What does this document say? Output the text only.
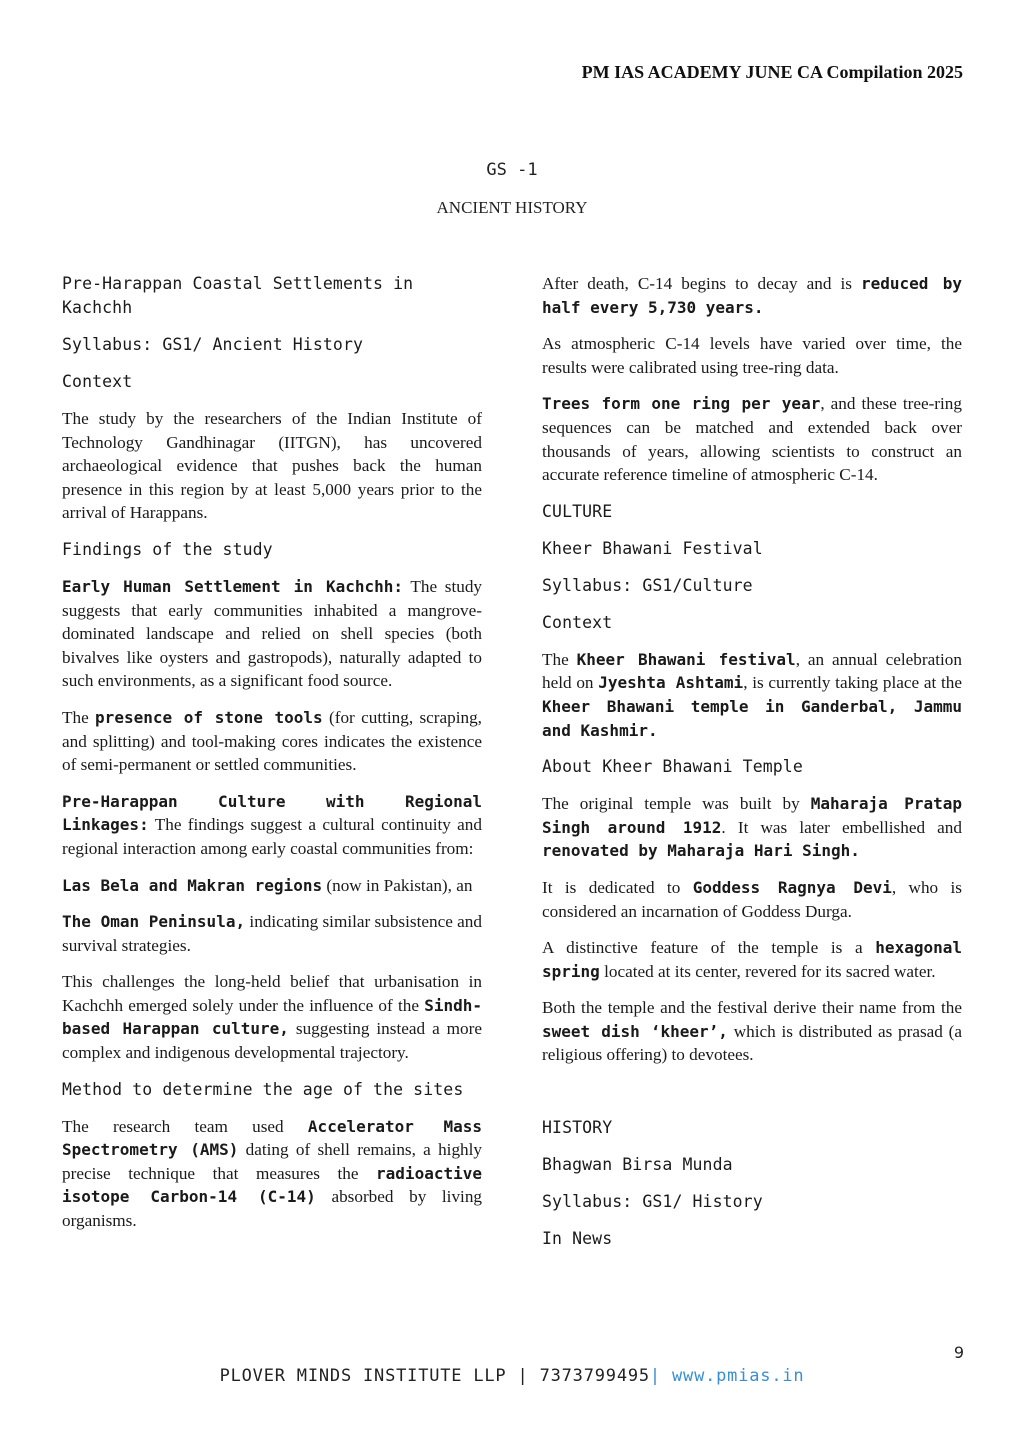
PM IAS ACADEMY JUNE CA Compilation 2025
GS -1
ANCIENT HISTORY
Pre-Harappan Coastal Settlements in Kachchh
Syllabus: GS1/ Ancient History
Context

The study by the researchers of the Indian Institute of Technology Gandhinagar (IITGN), has uncovered archaeological evidence that pushes back the human presence in this region by at least 5,000 years prior to the arrival of Harappans.

Findings of the study

Early Human Settlement in Kachchh: The study suggests that early communities inhabited a mangrove-dominated landscape and relied on shell species (both bivalves like oysters and gastropods), naturally adapted to such environments, as a significant food source.

The presence of stone tools (for cutting, scraping, and splitting) and tool-making cores indicates the existence of semi-permanent or settled communities.

Pre-Harappan Culture with Regional Linkages: The findings suggest a cultural continuity and regional interaction among early coastal communities from:

Las Bela and Makran regions (now in Pakistan), an

The Oman Peninsula, indicating similar subsistence and survival strategies.

This challenges the long-held belief that urbanisation in Kachchh emerged solely under the influence of the Sindh-based Harappan culture, suggesting instead a more complex and indigenous developmental trajectory.

Method to determine the age of the sites

The research team used Accelerator Mass Spectrometry (AMS) dating of shell remains, a highly precise technique that measures the radioactive isotope Carbon-14 (C-14) absorbed by living organisms.

After death, C-14 begins to decay and is reduced by half every 5,730 years.

As atmospheric C-14 levels have varied over time, the results were calibrated using tree-ring data.

Trees form one ring per year, and these tree-ring sequences can be matched and extended back over thousands of years, allowing scientists to construct an accurate reference timeline of atmospheric C-14.

CULTURE
Kheer Bhawani Festival
Syllabus: GS1/Culture
Context

The Kheer Bhawani festival, an annual celebration held on Jyeshta Ashtami, is currently taking place at the Kheer Bhawani temple in Ganderbal, Jammu and Kashmir.

About Kheer Bhawani Temple

The original temple was built by Maharaja Pratap Singh around 1912. It was later embellished and renovated by Maharaja Hari Singh.

It is dedicated to Goddess Ragnya Devi, who is considered an incarnation of Goddess Durga.

A distinctive feature of the temple is a hexagonal spring located at its center, revered for its sacred water.

Both the temple and the festival derive their name from the sweet dish ‘kheer’, which is distributed as prasad (a religious offering) to devotees.

HISTORY
Bhagwan Birsa Munda
Syllabus: GS1/ History
In News
9
PLOVER MINDS INSTITUTE LLP | 7373799495| www.pmias.in
